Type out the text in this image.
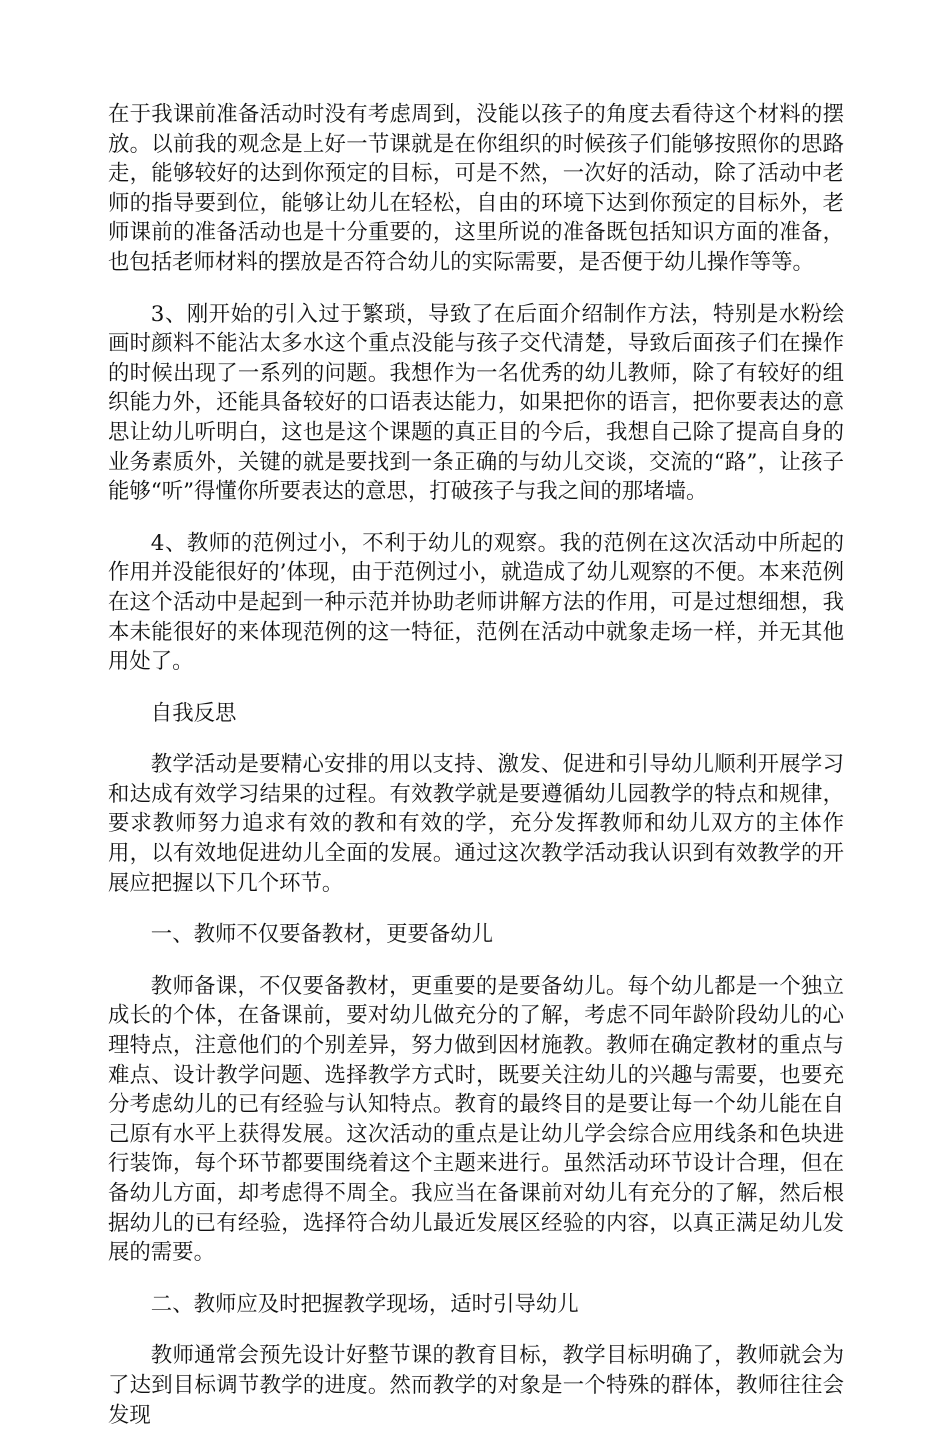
在于我课前准备活动时没有考虑周到，没能以孩子的角度去看待这个材料的摆放。以前我的观念是上好一节课就是在你组织的时候孩子们能够按照你的思路走，能够较好的达到你预定的目标，可是不然，一次好的活动，除了活动中老师的指导要到位，能够让幼儿在轻松，自由的环境下达到你预定的目标外，老师课前的准备活动也是十分重要的，这里所说的准备既包括知识方面的准备，也包括老师材料的摆放是否符合幼儿的实际需要，是否便于幼儿操作等等。

3、刚开始的引入过于繁琐，导致了在后面介绍制作方法，特别是水粉绘画时颜料不能沾太多水这个重点没能与孩子交代清楚，导致后面孩子们在操作的时候出现了一系列的问题。我想作为一名优秀的幼儿教师，除了有较好的组织能力外，还能具备较好的口语表达能力，如果把你的语言，把你要表达的意思让幼儿听明白，这也是这个课题的真正目的今后，我想自己除了提高自身的业务素质外，关键的就是要找到一条正确的与幼儿交谈，交流的“路”，让孩子能够“听”得懂你所要表达的意思，打破孩子与我之间的那堵墙。

4、教师的范例过小，不利于幼儿的观察。我的范例在这次活动中所起的作用并没能很好的’体现，由于范例过小，就造成了幼儿观察的不便。本来范例在这个活动中是起到一种示范并协助老师讲解方法的作用，可是过想细想，我本未能很好的来体现范例的这一特征，范例在活动中就象走场一样，并无其他用处了。

自我反思

教学活动是要精心安排的用以支持、激发、促进和引导幼儿顺利开展学习和达成有效学习结果的过程。有效教学就是要遵循幼儿园教学的特点和规律，要求教师努力追求有效的教和有效的学，充分发挥教师和幼儿双方的主体作用，以有效地促进幼儿全面的发展。通过这次教学活动我认识到有效教学的开展应把握以下几个环节。

一、教师不仅要备教材，更要备幼儿

教师备课，不仅要备教材，更重要的是要备幼儿。每个幼儿都是一个独立成长的个体，在备课前，要对幼儿做充分的了解，考虑不同年龄阶段幼儿的心理特点，注意他们的个别差异，努力做到因材施教。教师在确定教材的重点与难点、设计教学问题、选择教学方式时，既要关注幼儿的兴趣与需要，也要充分考虑幼儿的已有经验与认知特点。教育的最终目的是要让每一个幼儿能在自己原有水平上获得发展。这次活动的重点是让幼儿学会综合应用线条和色块进行装饰，每个环节都要围绕着这个主题来进行。虽然活动环节设计合理，但在备幼儿方面，却考虑得不周全。我应当在备课前对幼儿有充分的了解，然后根据幼儿的已有经验，选择符合幼儿最近发展区经验的内容，以真正满足幼儿发展的需要。

二、教师应及时把握教学现场，适时引导幼儿

教师通常会预先设计好整节课的教育目标，教学目标明确了，教师就会为了达到目标调节教学的进度。然而教学的对象是一个特殊的群体，教师往往会发现
